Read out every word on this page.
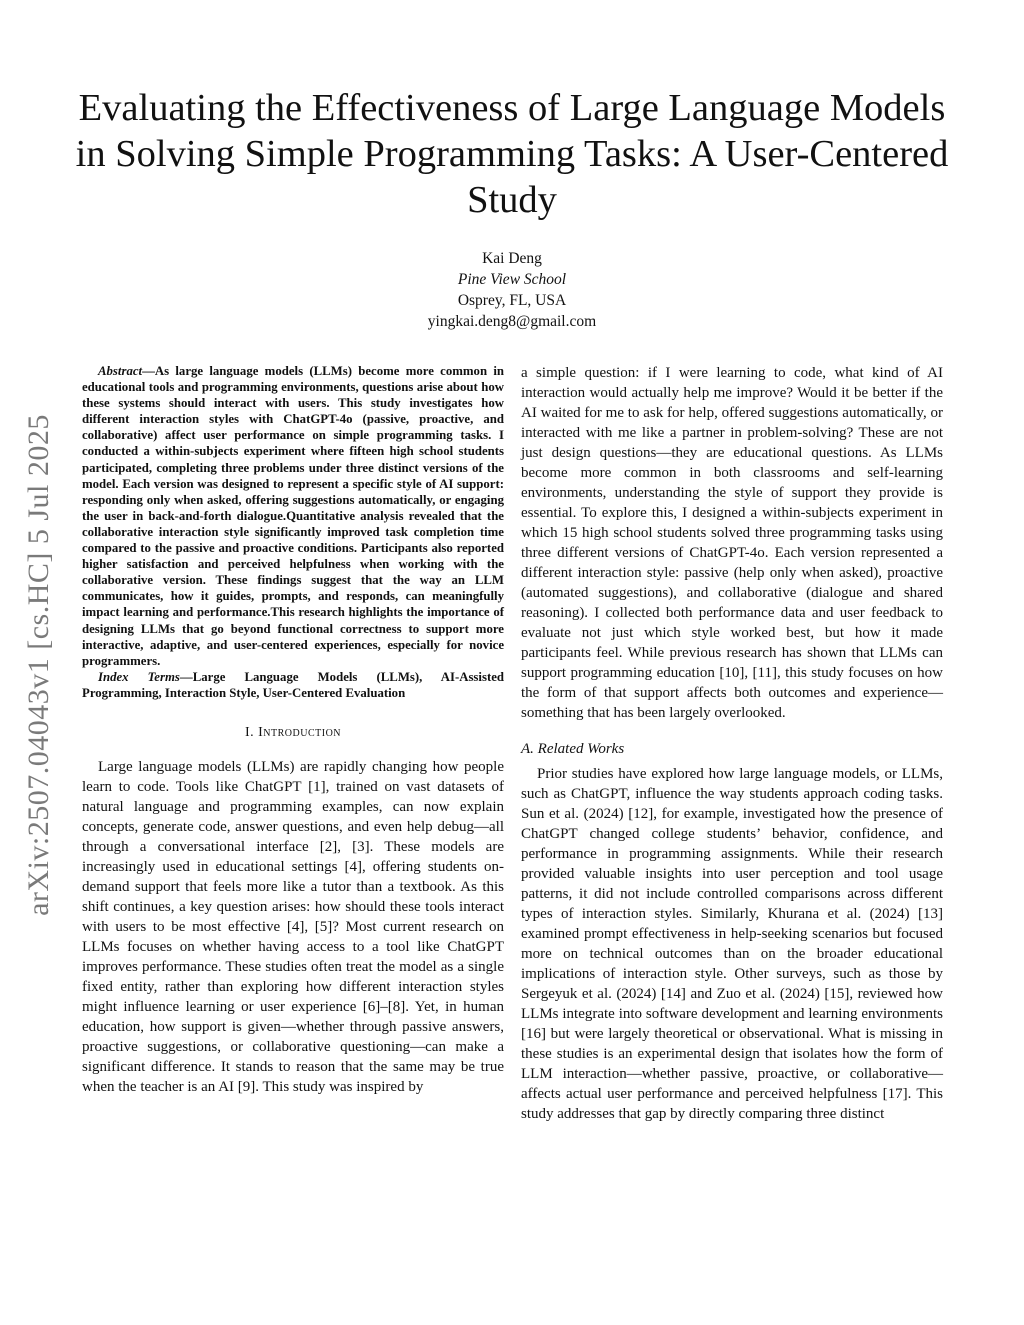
arXiv:2507.04043v1 [cs.HC] 5 Jul 2025
Evaluating the Effectiveness of Large Language Models in Solving Simple Programming Tasks: A User-Centered Study
Kai Deng
Pine View School
Osprey, FL, USA
yingkai.deng8@gmail.com

Abstract—As large language models (LLMs) become more common in educational tools and programming environments, questions arise about how these systems should interact with users. This study investigates how different interaction styles with ChatGPT-4o (passive, proactive, and collaborative) affect user performance on simple programming tasks. I conducted a within-subjects experiment where fifteen high school students participated, completing three problems under three distinct versions of the model. Each version was designed to represent a specific style of AI support: responding only when asked, offering suggestions automatically, or engaging the user in back-and-forth dialogue.Quantitative analysis revealed that the collaborative interaction style significantly improved task completion time compared to the passive and proactive conditions. Participants also reported higher satisfaction and perceived helpfulness when working with the collaborative version. These findings suggest that the way an LLM communicates, how it guides, prompts, and responds, can meaningfully impact learning and performance.This research highlights the importance of designing LLMs that go beyond functional correctness to support more interactive, adaptive, and user-centered experiences, especially for novice programmers.

Index Terms—Large Language Models (LLMs), AI-Assisted Programming, Interaction Style, User-Centered Evaluation

I. Introduction

Large language models (LLMs) are rapidly changing how people learn to code. Tools like ChatGPT [1], trained on vast datasets of natural language and programming examples, can now explain concepts, generate code, answer questions, and even help debug—all through a conversational interface [2], [3]. These models are increasingly used in educational settings [4], offering students on-demand support that feels more like a tutor than a textbook. As this shift continues, a key question arises: how should these tools interact with users to be most effective [4], [5]? Most current research on LLMs focuses on whether having access to a tool like ChatGPT improves performance. These studies often treat the model as a single fixed entity, rather than exploring how different interaction styles might influence learning or user experience [6]–[8]. Yet, in human education, how support is given—whether through passive answers, proactive suggestions, or collaborative questioning—can make a significant difference. It stands to reason that the same may be true when the teacher is an AI [9]. This study was inspired by

a simple question: if I were learning to code, what kind of AI interaction would actually help me improve? Would it be better if the AI waited for me to ask for help, offered suggestions automatically, or interacted with me like a partner in problem-solving? These are not just design questions—they are educational questions. As LLMs become more common in both classrooms and self-learning environments, understanding the style of support they provide is essential. To explore this, I designed a within-subjects experiment in which 15 high school students solved three programming tasks using three different versions of ChatGPT-4o. Each version represented a different interaction style: passive (help only when asked), proactive (automated suggestions), and collaborative (dialogue and shared reasoning). I collected both performance data and user feedback to evaluate not just which style worked best, but how it made participants feel. While previous research has shown that LLMs can support programming education [10], [11], this study focuses on how the form of that support affects both outcomes and experience—something that has been largely overlooked.

A. Related Works

Prior studies have explored how large language models, or LLMs, such as ChatGPT, influence the way students approach coding tasks. Sun et al. (2024) [12], for example, investigated how the presence of ChatGPT changed college students’ behavior, confidence, and performance in programming assignments. While their research provided valuable insights into user perception and tool usage patterns, it did not include controlled comparisons across different types of interaction styles. Similarly, Khurana et al. (2024) [13] examined prompt effectiveness in help-seeking scenarios but focused more on technical outcomes than on the broader educational implications of interaction style. Other surveys, such as those by Sergeyuk et al. (2024) [14] and Zuo et al. (2024) [15], reviewed how LLMs integrate into software development and learning environments [16] but were largely theoretical or observational. What is missing in these studies is an experimental design that isolates how the form of LLM interaction—whether passive, proactive, or collaborative—affects actual user performance and perceived helpfulness [17]. This study addresses that gap by directly comparing three distinct
